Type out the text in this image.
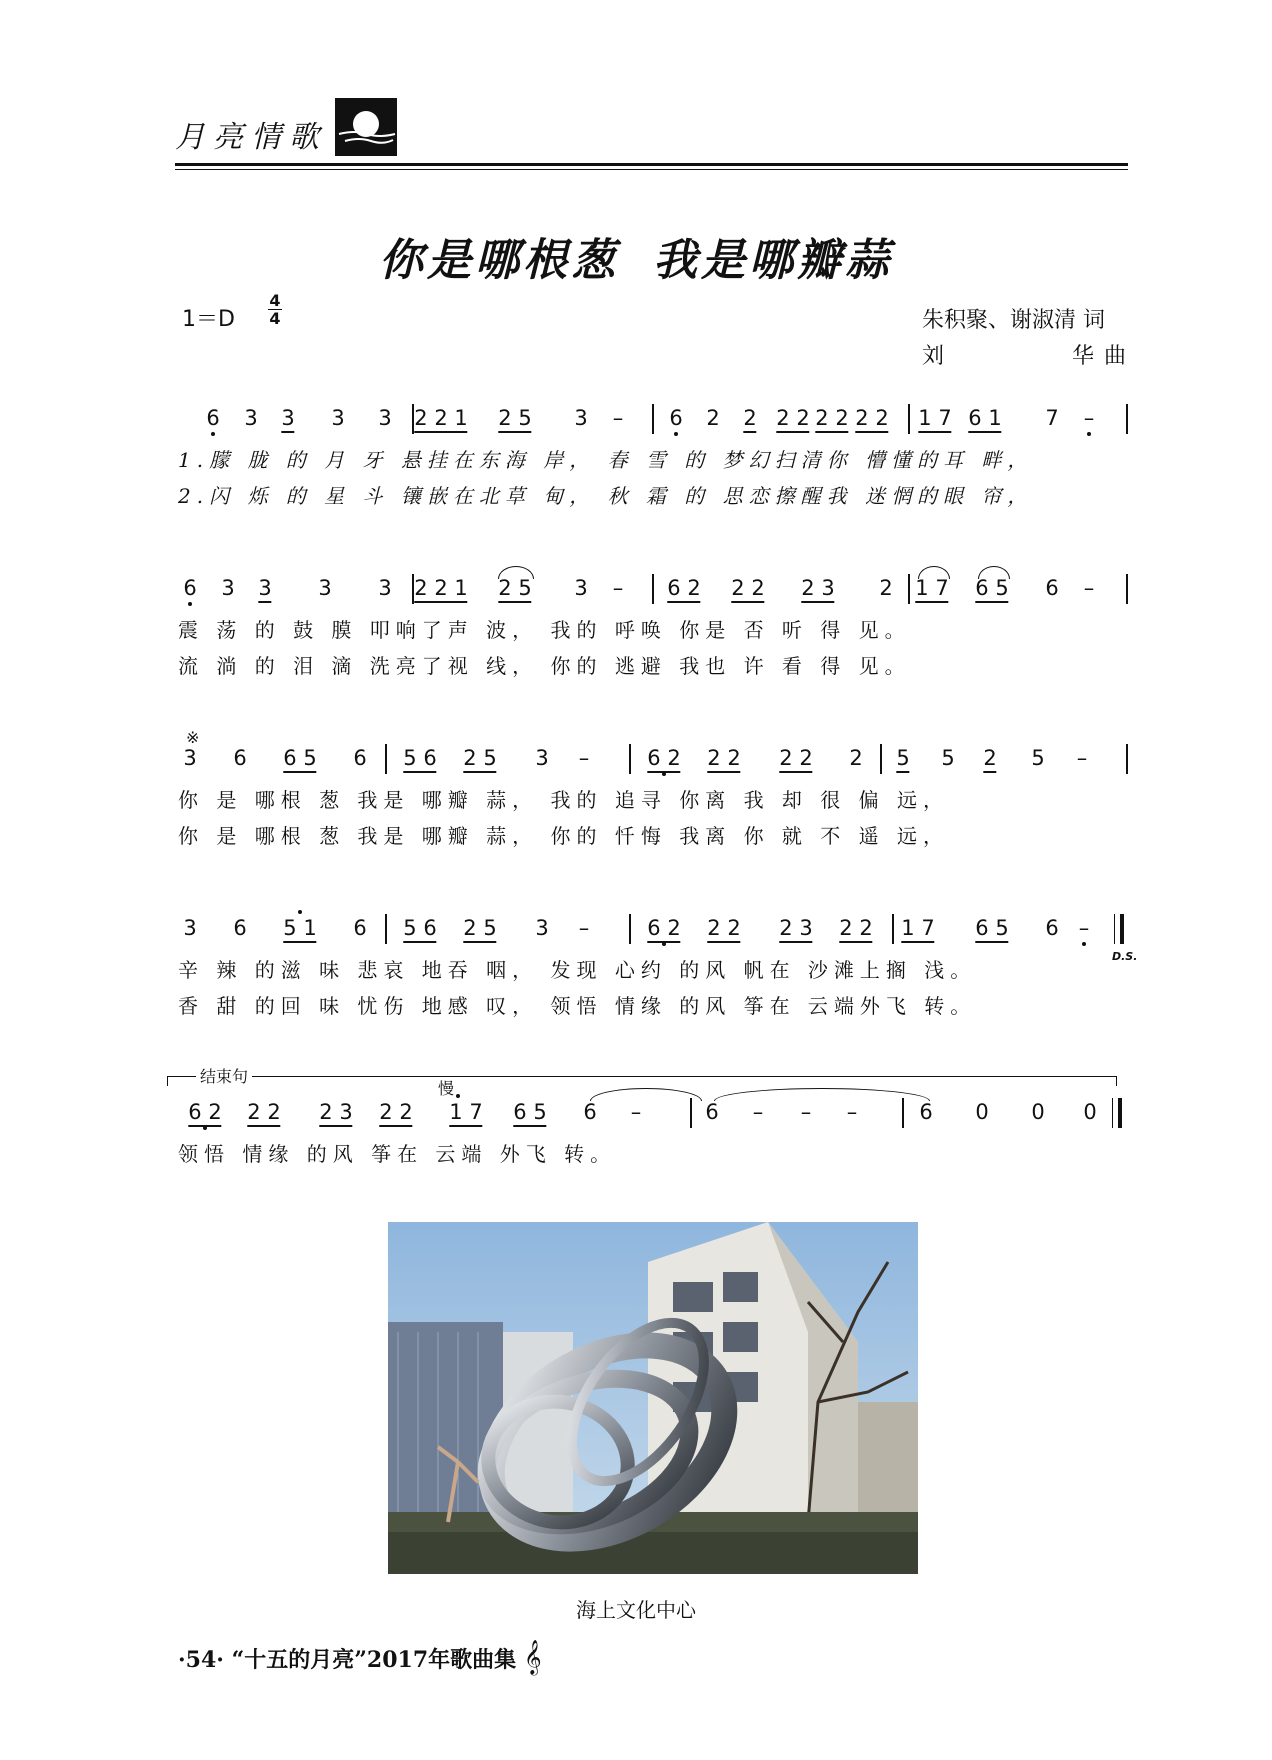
月亮情歌
你是哪根葱 我是哪瓣蒜
1＝D
4
4	朱积聚、谢淑清 词
刘	华 曲
6 3 3 3 3 2 2 1 2 5 3 – 6 2 2 2 2 2 2 2 2 1 7 6 1 7 –
1.朦 胧 的 月 牙 悬挂在东海 岸， 春 雪 的 梦幻扫清你 懵懂的耳 畔，
2.闪 烁 的 星 斗 镶嵌在北草 甸， 秋 霜 的 思恋擦醒我 迷惘的眼 帘，
6 3 3 3 3 2 2 1 2 5 3 – 6 2 2 2 2 3 2 1 7 6 5 6 –
震 荡 的 鼓 膜 叩响了声 波， 我的 呼唤 你是 否 听 得 见。
流 淌 的 泪 滴 洗亮了视 线， 你的 逃避 我也 许 看 得 见。
3 6 6 5 6 5 6 2 5 3 –	6 2 2 2 2 2 2 5 5 2 5 –
你 是 哪根 葱 我是 哪瓣 蒜， 我的 追寻 你离 我 却 很 偏 远，
你 是 哪根 葱 我是 哪瓣 蒜， 你的 忏悔 我离 你 就 不 遥 远，
3 6 5 1 6 5 6 2 5 3 –	6 2 2 2 2 3 2 2 1 7 6 5 6 –
辛 辣 的滋 味 悲哀 地吞 咽， 发现 心约 的风 帆在 沙滩上搁 浅。
香 甜 的回 味 忧伤 地感 叹， 领悟 情缘 的风 筝在 云端外飞 转。
6 2 2 2 2 3 2 2 1 7 6 5 6 –	6 – – –	6 0 0 0
领悟 情缘 的风 筝在 云端 外飞 转。
结束句
慢
※
D.S.
海上文化中心
·54· “十五的月亮”2017年歌曲集 𝄞
